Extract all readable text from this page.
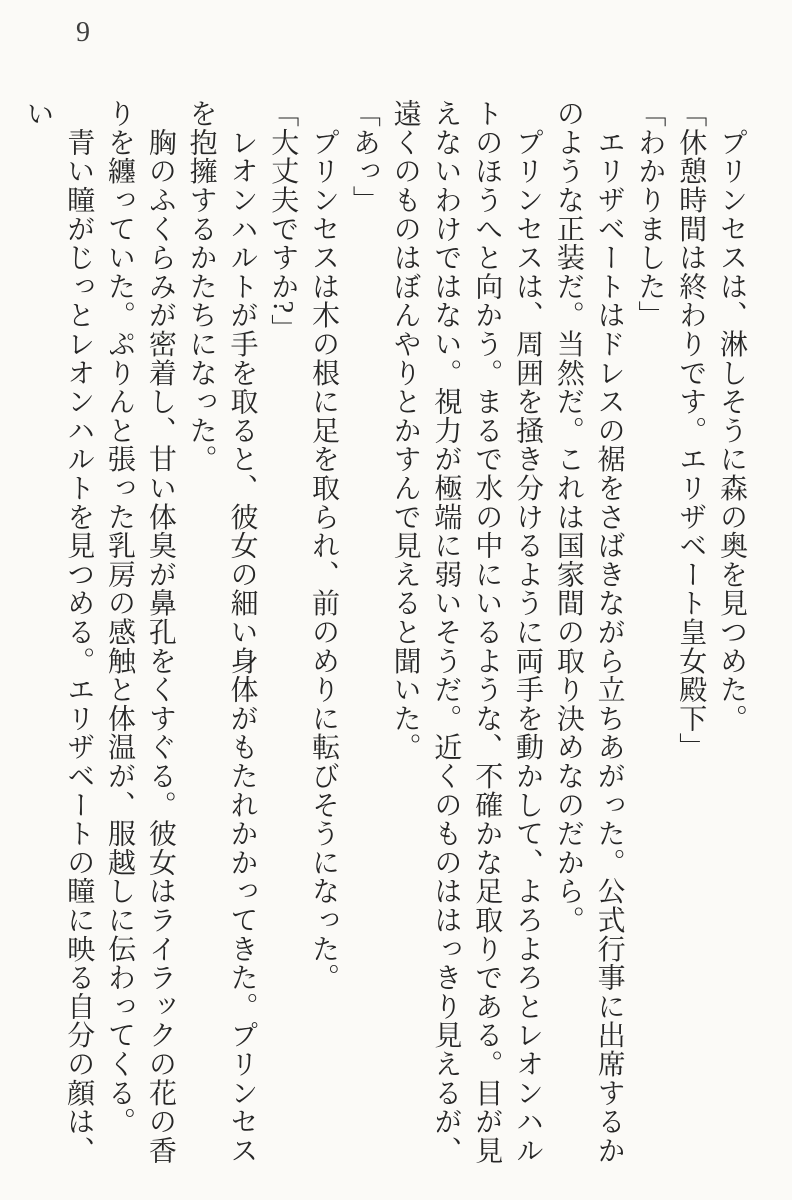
9

　プリンセスは、淋しそうに森の奥を見つめた。

「休憩時間は終わりです。エリザベート皇女殿下」

「わかりました」

　エリザベートはドレスの裾をさばきながら立ちあがった。公式行事に出席するかのような正装だ。当然だ。これは国家間の取り決めなのだから。

　プリンセスは、周囲を掻き分けるように両手を動かして、よろよろとレオンハルトのほうへと向かう。まるで水の中にいるような、不確かな足取りである。目が見えないわけではない。視力が極端に弱いそうだ。近くのものははっきり見えるが、遠くのものはぼんやりとかすんで見えると聞いた。

「あっ」

　プリンセスは木の根に足を取られ、前のめりに転びそうになった。

「大丈夫ですか?」

　レオンハルトが手を取ると、彼女の細い身体がもたれかかってきた。プリンセスを抱擁するかたちになった。

　胸のふくらみが密着し、甘い体臭が鼻孔をくすぐる。彼女はライラックの花の香りを纏っていた。ぷりんと張った乳房の感触と体温が、服越しに伝わってくる。

　青い瞳がじっとレオンハルトを見つめる。エリザベートの瞳に映る自分の顔は、い
